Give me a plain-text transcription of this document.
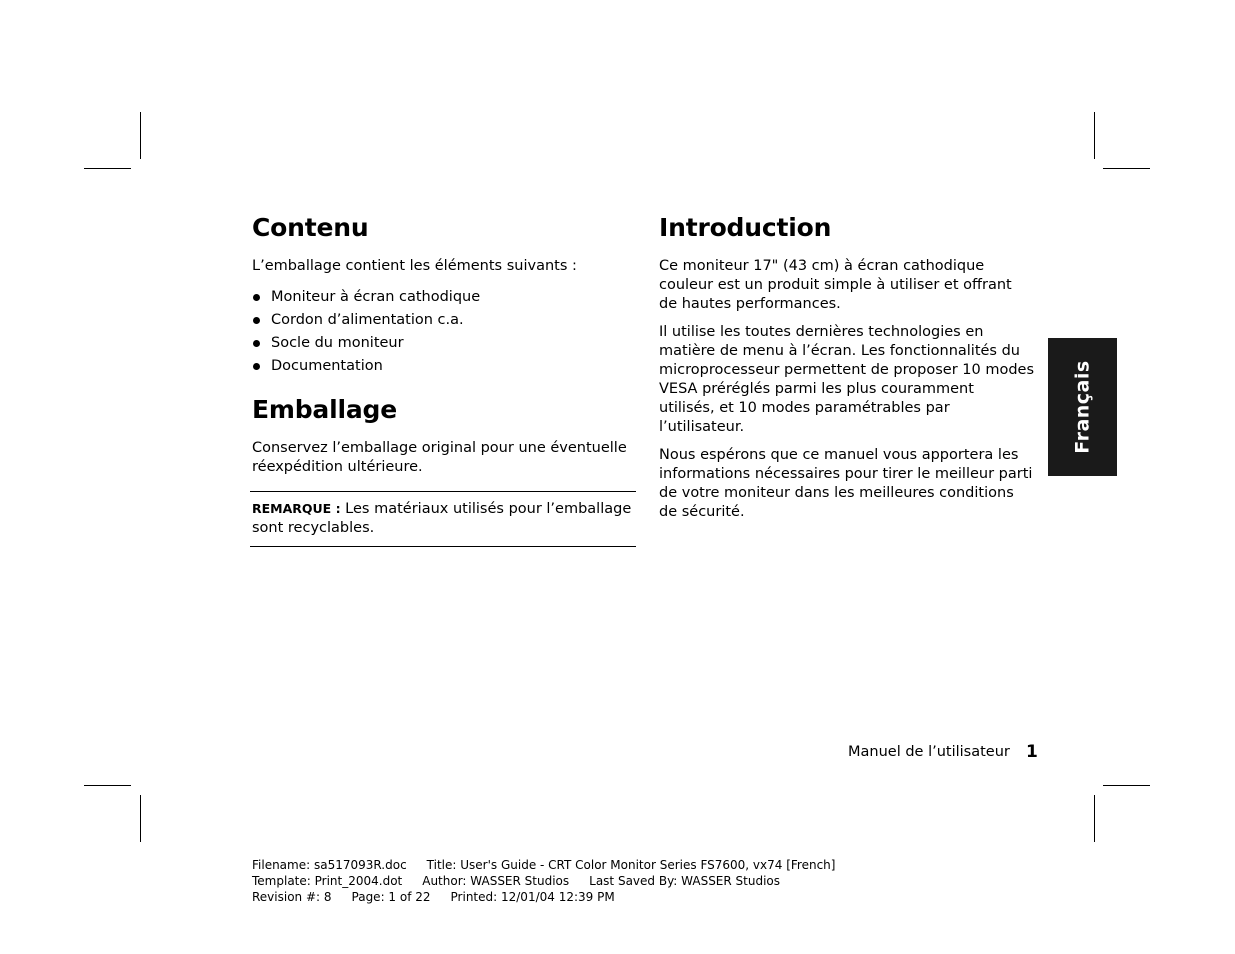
Contenu

L’emballage contient les éléments suivants :

Moniteur à écran cathodique
Cordon d’alimentation c.a.
Socle du moniteur
Documentation
Emballage

Conservez l’emballage original pour une éventuelle réexpédition ultérieure.

REMARQUE : Les matériaux utilisés pour l’emballage sont recyclables.
Introduction

Ce moniteur 17" (43 cm) à écran cathodique couleur est un produit simple à utiliser et offrant de hautes performances.

Il utilise les toutes dernières technologies en matière de menu à l’écran. Les fonctionnalités du microprocesseur permettent de proposer 10 modes VESA préréglés parmi les plus couramment utilisés, et 10 modes paramétrables par l’utilisateur.

Nous espérons que ce manuel vous apportera les informations nécessaires pour tirer le meilleur parti de votre moniteur dans les meilleures conditions de sécurité.

Français
Manuel de l’utilisateur 1
Filename: sa517093R.doc Title: User's Guide - CRT Color Monitor Series FS7600, vx74 [French]
Template: Print_2004.dot Author: WASSER Studios Last Saved By: WASSER Studios
Revision #: 8 Page: 1 of 22 Printed: 12/01/04 12:39 PM
